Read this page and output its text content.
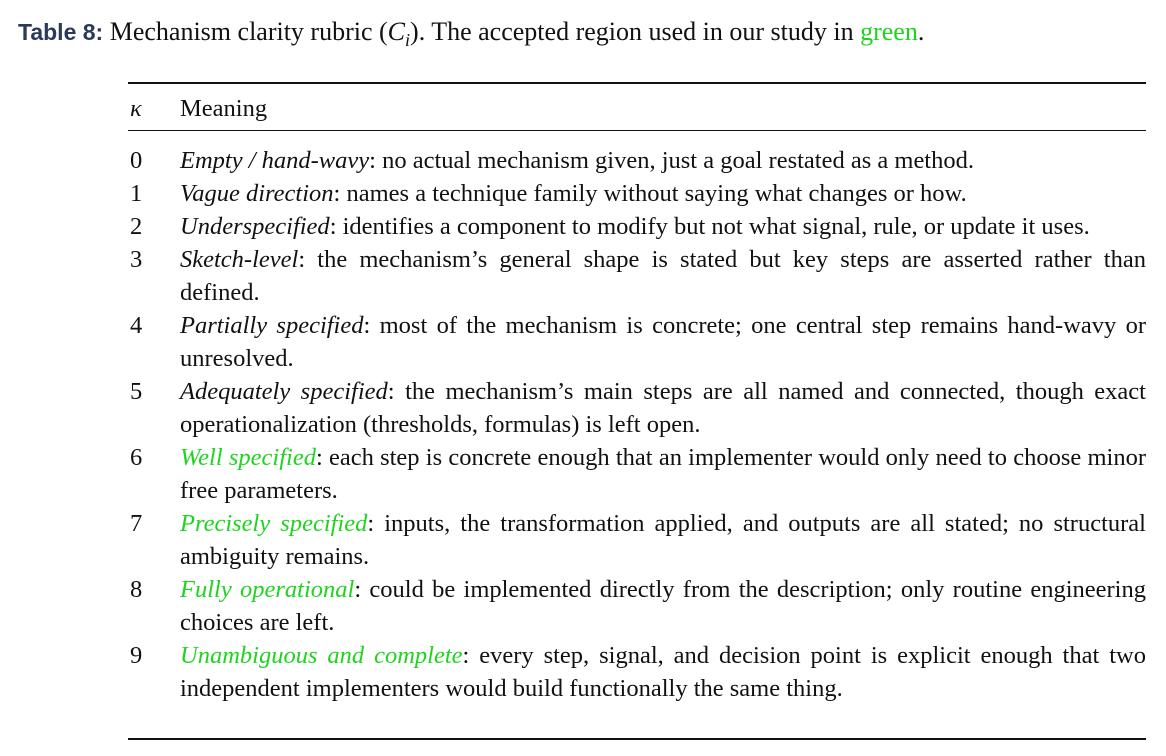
Table 8: Mechanism clarity rubric $(C_i)$. The accepted region used in our study in green.
κ	Meaning

0	Empty / hand-wavy: no actual mechanism given, just a goal restated as a method.
1	Vague direction: names a technique family without saying what changes or how.
2	Underspecified: identifies a component to modify but not what signal, rule, or update it uses.
3	Sketch-level: the mechanism’s general shape is stated but key steps are asserted rather than defined.
4	Partially specified: most of the mechanism is concrete; one central step remains hand-wavy or unresolved.
5	Adequately specified: the mechanism’s main steps are all named and connected, though exact operationalization (thresholds, formulas) is left open.
6	Well specified: each step is concrete enough that an implementer would only need to choose minor free parameters.
7	Precisely specified: inputs, the transformation applied, and outputs are all stated; no structural ambiguity remains.
8	Fully operational: could be implemented directly from the description; only routine engineering choices are left.
9	Unambiguous and complete: every step, signal, and decision point is explicit enough that two independent implementers would build functionally the same thing.
